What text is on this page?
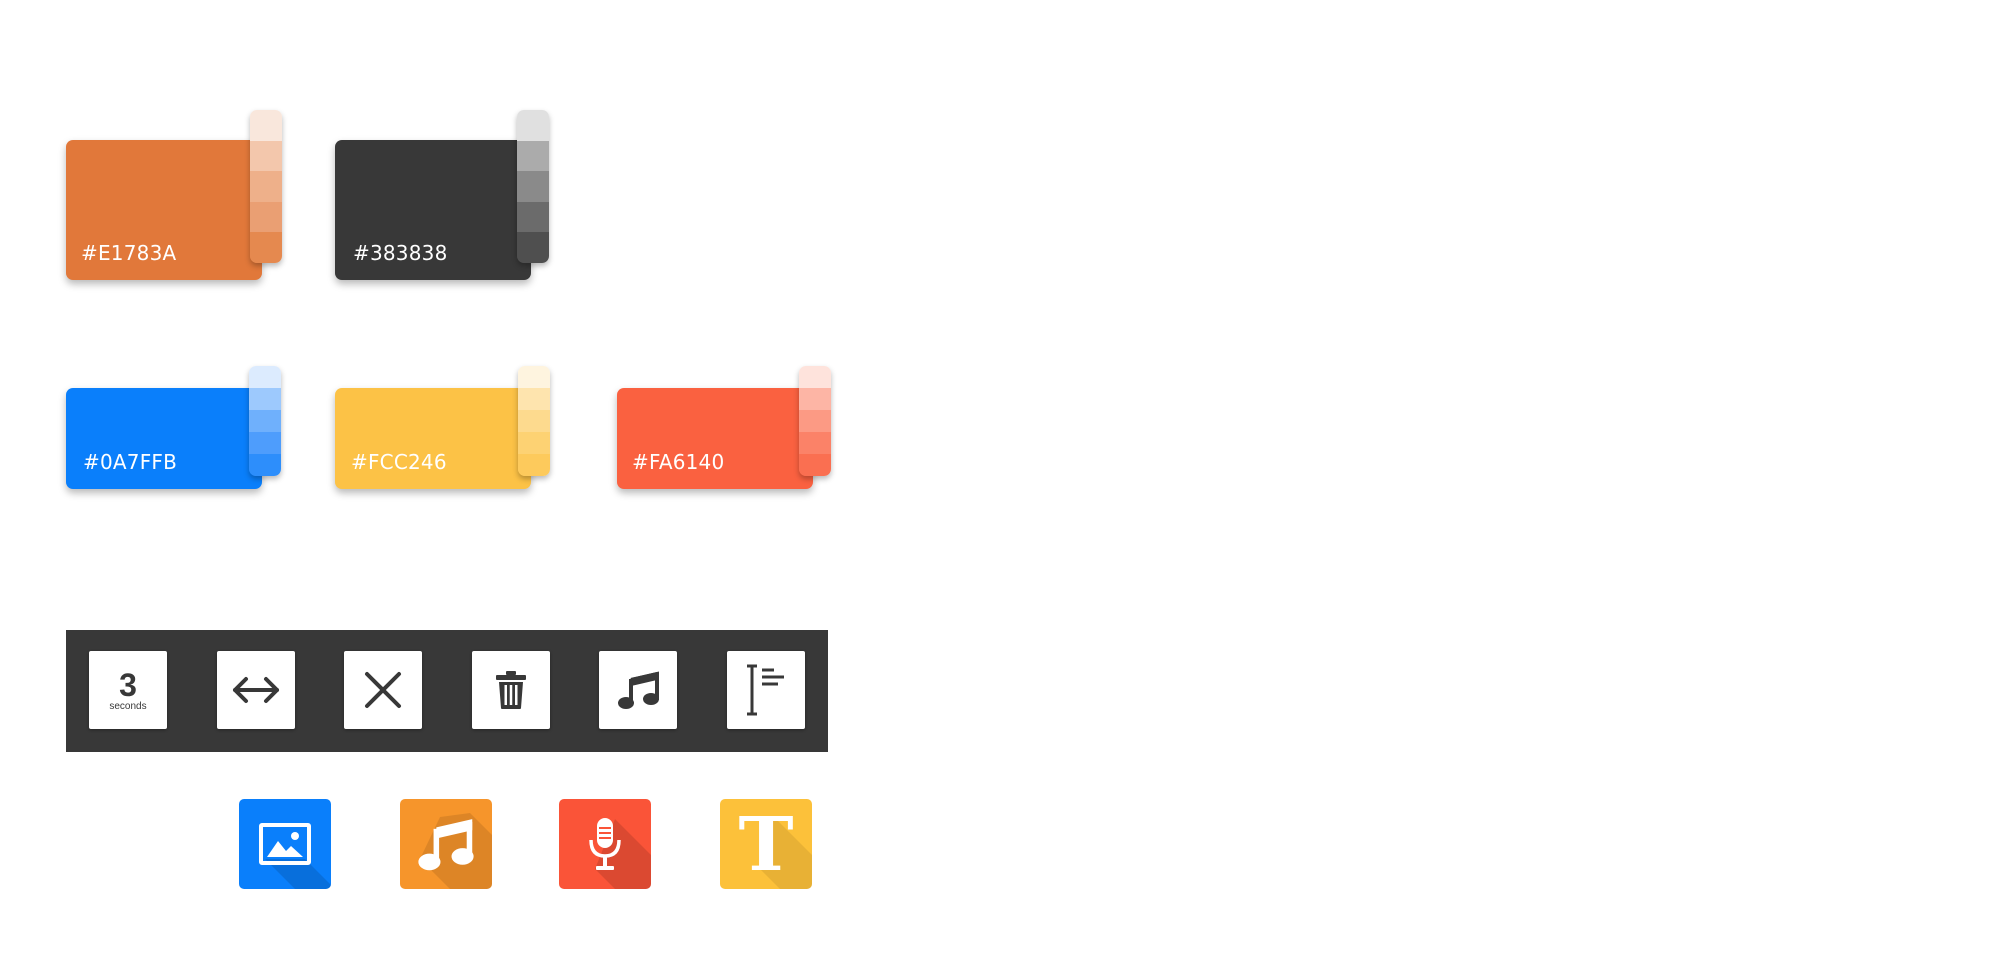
#E1783A	#383838
#0A7FFB	#FCC246	#FA6140
3
seconds
T
